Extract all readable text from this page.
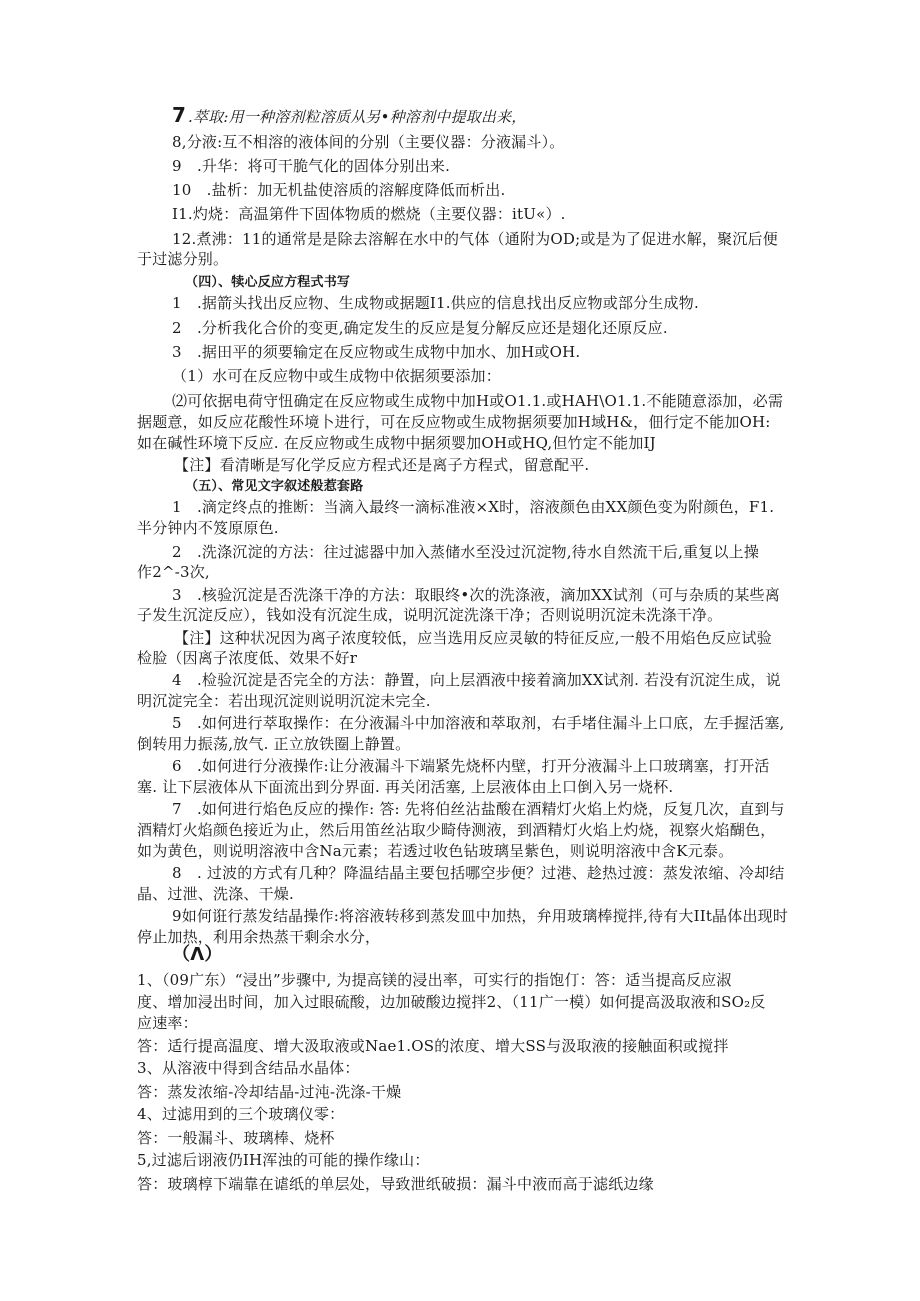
7 .萃取:用一种溶剂粒溶质从另•种溶剂中提取出来，
8,分液:互不相溶的液体间的分别（主要仪器：分液漏斗）。
9　.升华：将可干脆气化的固体分别出来.
10　.盐析：加无机盐使溶质的溶解度降低而析出.
I1.灼烧：高温第件下固体物质的燃烧（主要仪器：itU«）.
12.煮沸：11的通常是是除去溶解在水中的气体（通附为OD;或是为了促进水解，聚沉后便
于过滤分别。
（四）、犊心反应方程式书写
1　.据箭头找出反应物、生成物或据题I1.供应的信息找出反应物或部分生成物.
2　.分析我化合价的变更,确定发生的反应是复分解反应还是翅化还原反应.
3　.据田平的须要输定在反应物或生成物中加水、加H或OH.
（1）水可在反应物中或生成物中依据须要添加：
⑵可依据电荷守忸确定在反应物或生成物中加H或O1.1.或HAH\O1.1.不能随意添加，必需
据题意，如反应花酸性环境卜进行，可在反应物或生成物据须要加H域H&，佃行定不能加OH:
如在碱性环境下反应. 在反应物或生成物中据须婴加OH或HQ,但竹定不能加IJ
【注】看清晰是写化学反应方程式还是离子方程式，留意配平.
（五）、常见文字叙述般惹套路
1　.滴定终点的推断：当滴入最终一滴标准液×X时，溶液颜色由XX颜色变为附颜色，F1.
半分钟内不笈原原色.
2　.洗涤沉淀的方法：往过滤器中加入蒸储水至没过沉淀物,待水自然流干后,重复以上操
作2^-3次,
3　.核验沉淀是否洗涤干净的方法：取眼终•次的洗涤液，滴加XX试剂（可与杂质的某些离
子发生沉淀反应），钱如没有沉淀生成，说明沉淀洗涤干净；否则说明沉淀未洗涤干净。
【注】这种状况因为离子浓度较低，应当选用反应灵敏的特征反应,一般不用焰色反应试验
检脸（因离子浓度低、效果不好r
4　.检验沉淀是否完全的方法：静置，向上层酒液中接着滴加XX试剂. 若没有沉淀生成，说
明沉淀完全：若出现沉淀则说明沉淀未完全.
5　.如何进行萃取操作：在分液漏斗中加溶液和萃取剂，右手堵住漏斗上口底，左手握活塞,
倒转用力振荡,放气. 正立放铁圈上静置。
6　.如何进行分液操作:让分液漏斗下端紧先烧杯内壁，打开分液漏斗上口玻璃塞，打开活
塞. 让下层液体从下面流出到分界面. 再关闭活塞, 上层液体由上口倒入另一烧杯.
7　.如何进行焰色反应的操作: 答: 先将伯丝沾盐酸在酒精灯火焰上灼烧，反复几次，直到与
酒精灯火焰颜色接近为止，然后用笛丝沾取少畸侍测液，到酒精灯火焰上灼烧，视察火焰醐色，
如为黄色，则说明溶液中含Na元素；若透过收色钻玻璃呈紫色，则说明溶液中含K元泰。
8　. 过波的方式有几种？降温结晶主要包括哪空步便？过港、趁热过渡：蒸发浓缩、冷却结
晶、过泄、洗涤、干燥.
9如何诳行蒸发结晶操作:将溶液转移到蒸发皿中加热，弁用玻璃棒搅拌,待有大IIt晶体出现时
停止加热，利用余热蒸干剩余水分，
（Λ）
1、（09广东）“浸出”步骤中, 为提高镁的浸出率，可实行的指饱仃：答：适当提高反应淑
度、增加浸出时间，加入过眼硫酸，边加破酸边搅拌2、（11广一模）如何提高汲取液和SO₂反
应速率：
答：适行提高温度、增大汲取液或Nae1.OS的浓度、增大SS与汲取液的接触面积或搅拌
3、从溶液中得到含结品水晶体：
答：蒸发浓缩-冷却结晶-过沌-洗涤-干燥
4、过滤用到的三个玻璃仪零：
答：一般漏斗、玻璃棒、烧杯
5,过滤后诩液仍IH浑浊的可能的操作缘山：
答：玻璃椁下端靠在谑纸的单层处，导致泄纸破损：漏斗中液而高于滤纸边缘
